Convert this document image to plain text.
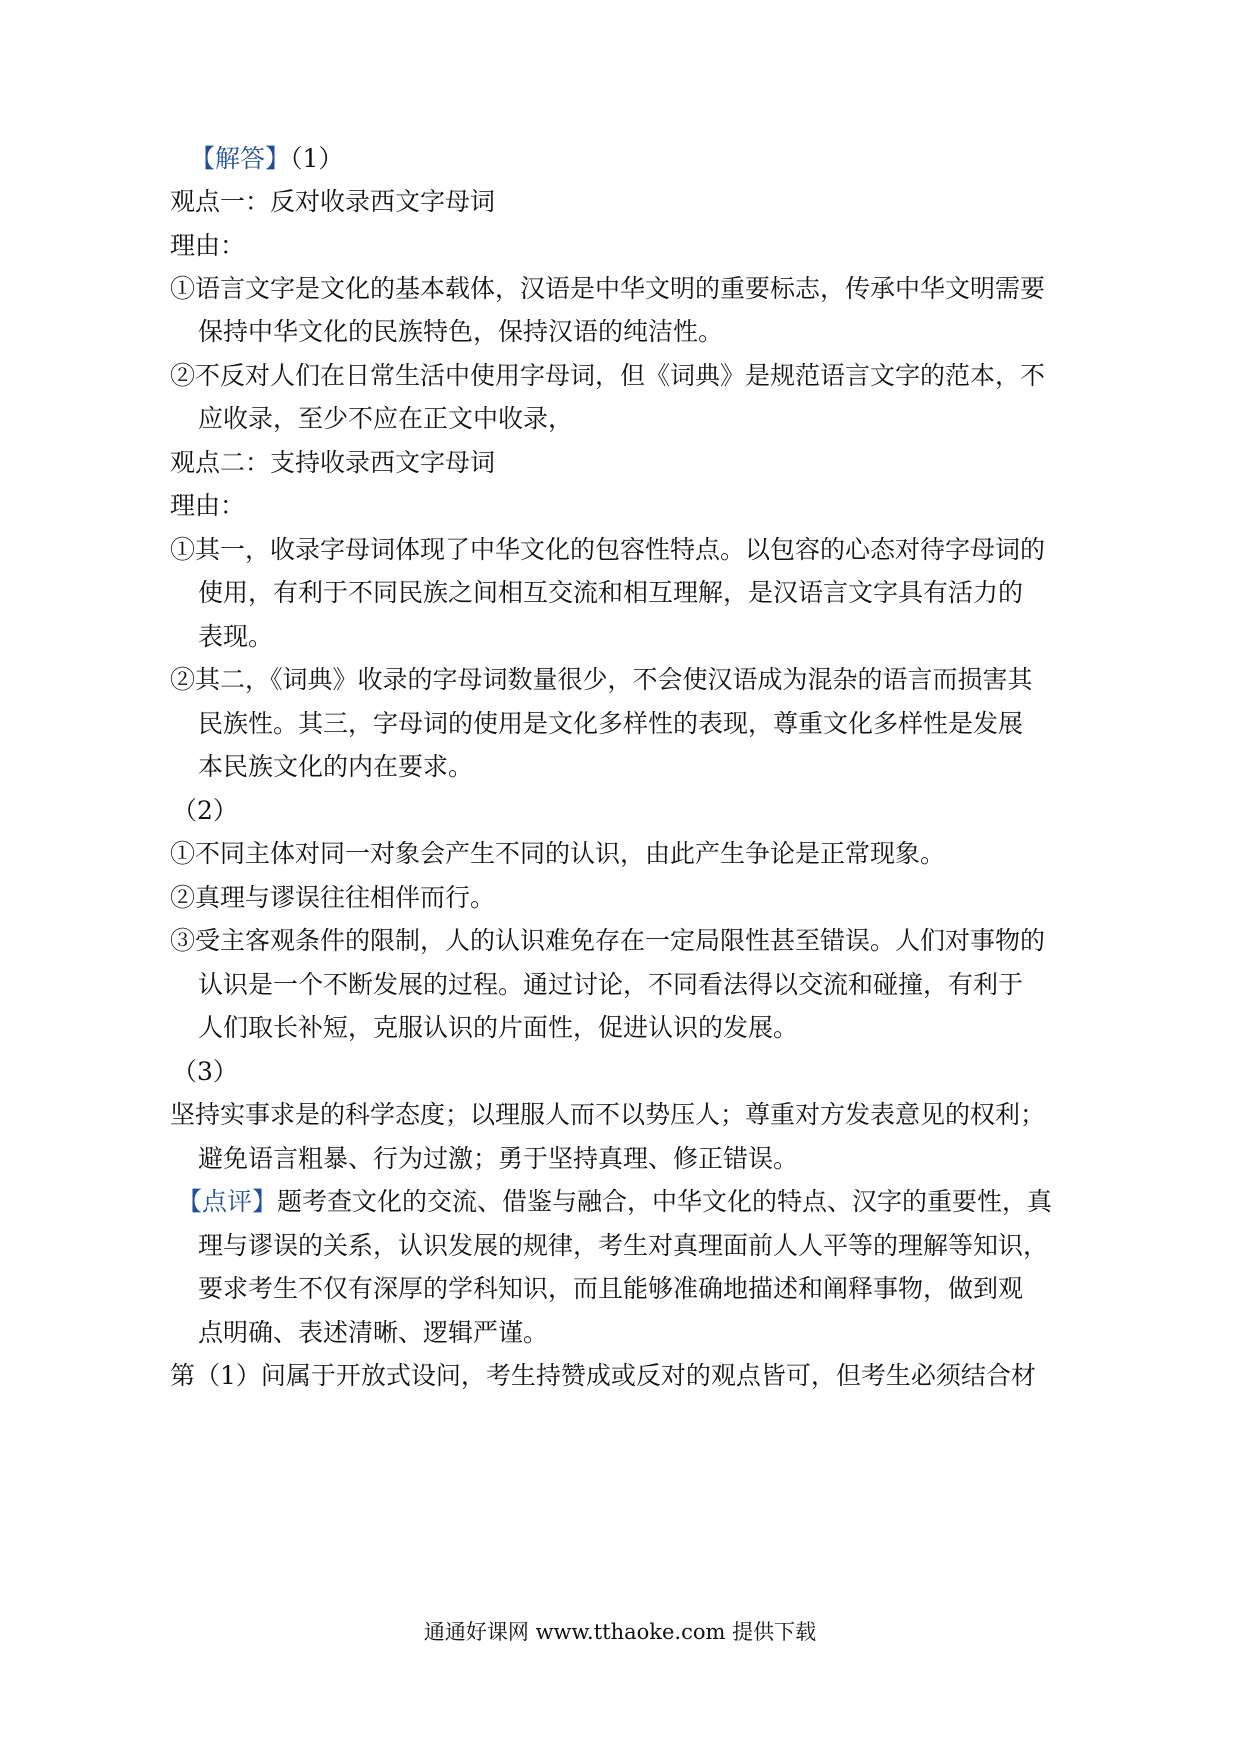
【解答】（1）
观点一：反对收录西文字母词
理由：
①语言文字是文化的基本载体，汉语是中华文明的重要标志，传承中华文明需要
保持中华文化的民族特色，保持汉语的纯洁性。
②不反对人们在日常生活中使用字母词，但《词典》是规范语言文字的范本，不
应收录，至少不应在正文中收录，
观点二：支持收录西文字母词
理由：
①其一，收录字母词体现了中华文化的包容性特点。以包容的心态对待字母词的
使用，有利于不同民族之间相互交流和相互理解，是汉语言文字具有活力的
表现。
②其二，《词典》收录的字母词数量很少，不会使汉语成为混杂的语言而损害其
民族性。其三，字母词的使用是文化多样性的表现，尊重文化多样性是发展
本民族文化的内在要求。
（2）
①不同主体对同一对象会产生不同的认识，由此产生争论是正常现象。
②真理与谬误往往相伴而行。
③受主客观条件的限制，人的认识难免存在一定局限性甚至错误。人们对事物的
认识是一个不断发展的过程。通过讨论，不同看法得以交流和碰撞，有利于
人们取长补短，克服认识的片面性，促进认识的发展。
（3）
坚持实事求是的科学态度；以理服人而不以势压人；尊重对方发表意见的权利；
避免语言粗暴、行为过激；勇于坚持真理、修正错误。
【点评】题考查文化的交流、借鉴与融合，中华文化的特点、汉字的重要性，真
理与谬误的关系，认识发展的规律，考生对真理面前人人平等的理解等知识，
要求考生不仅有深厚的学科知识，而且能够准确地描述和阐释事物，做到观
点明确、表述清晰、逻辑严谨。
第（1）问属于开放式设问，考生持赞成或反对的观点皆可，但考生必须结合材
通通好课网 www.tthaoke.com 提供下载
